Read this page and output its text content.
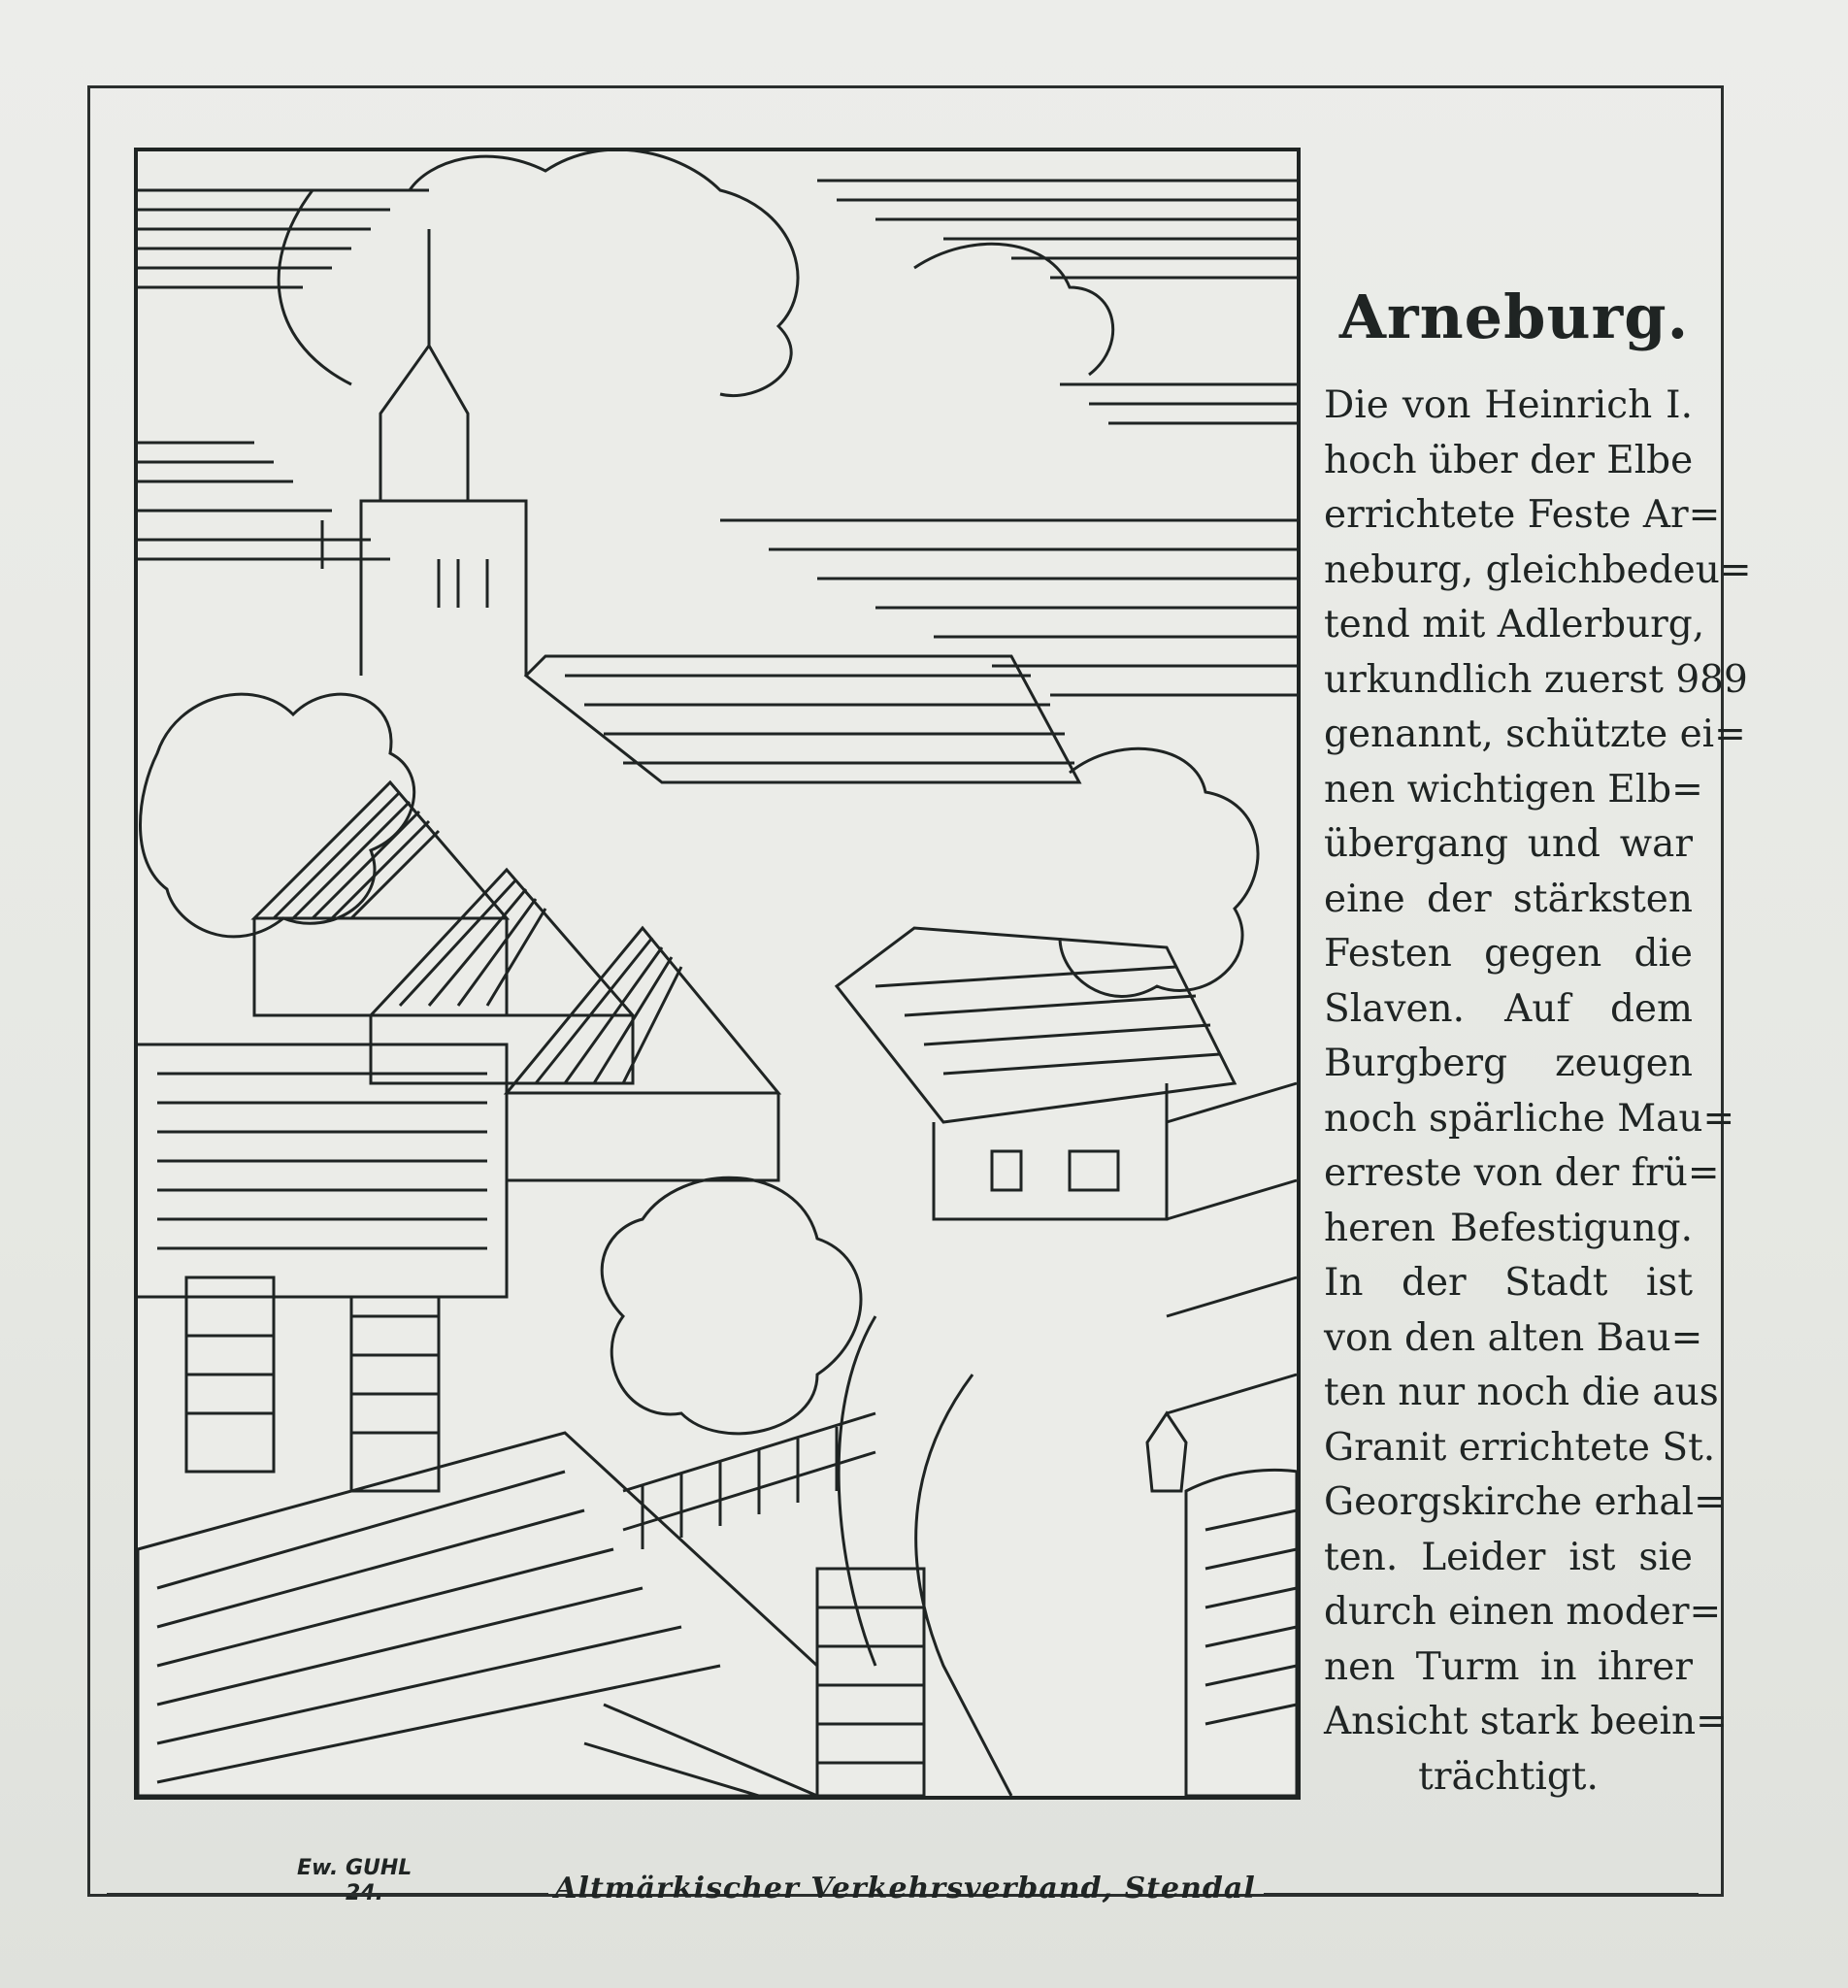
Ew. GUHL
24.
Arneburg.
Die von Heinrich I.
hoch über der Elbe
errichtete Feste Ar=
neburg, gleichbedeu=
tend mit Adlerburg,
urkundlich zuerst 989
genannt, schützte ei=
nen wichtigen Elb=
übergang und war
eine der stärksten
Festen gegen die
Slaven. Auf dem
Burgberg zeugen
noch spärliche Mau=
erreste von der frü=
heren Befestigung.
In der Stadt ist
von den alten Bau=
ten nur noch die aus
Granit errichtete St.
Georgskirche erhal=
ten. Leider ist sie
durch einen moder=
nen Turm in ihrer
Ansicht stark beein=
trächtigt.
Altmärkischer Verkehrsverband, Stendal
